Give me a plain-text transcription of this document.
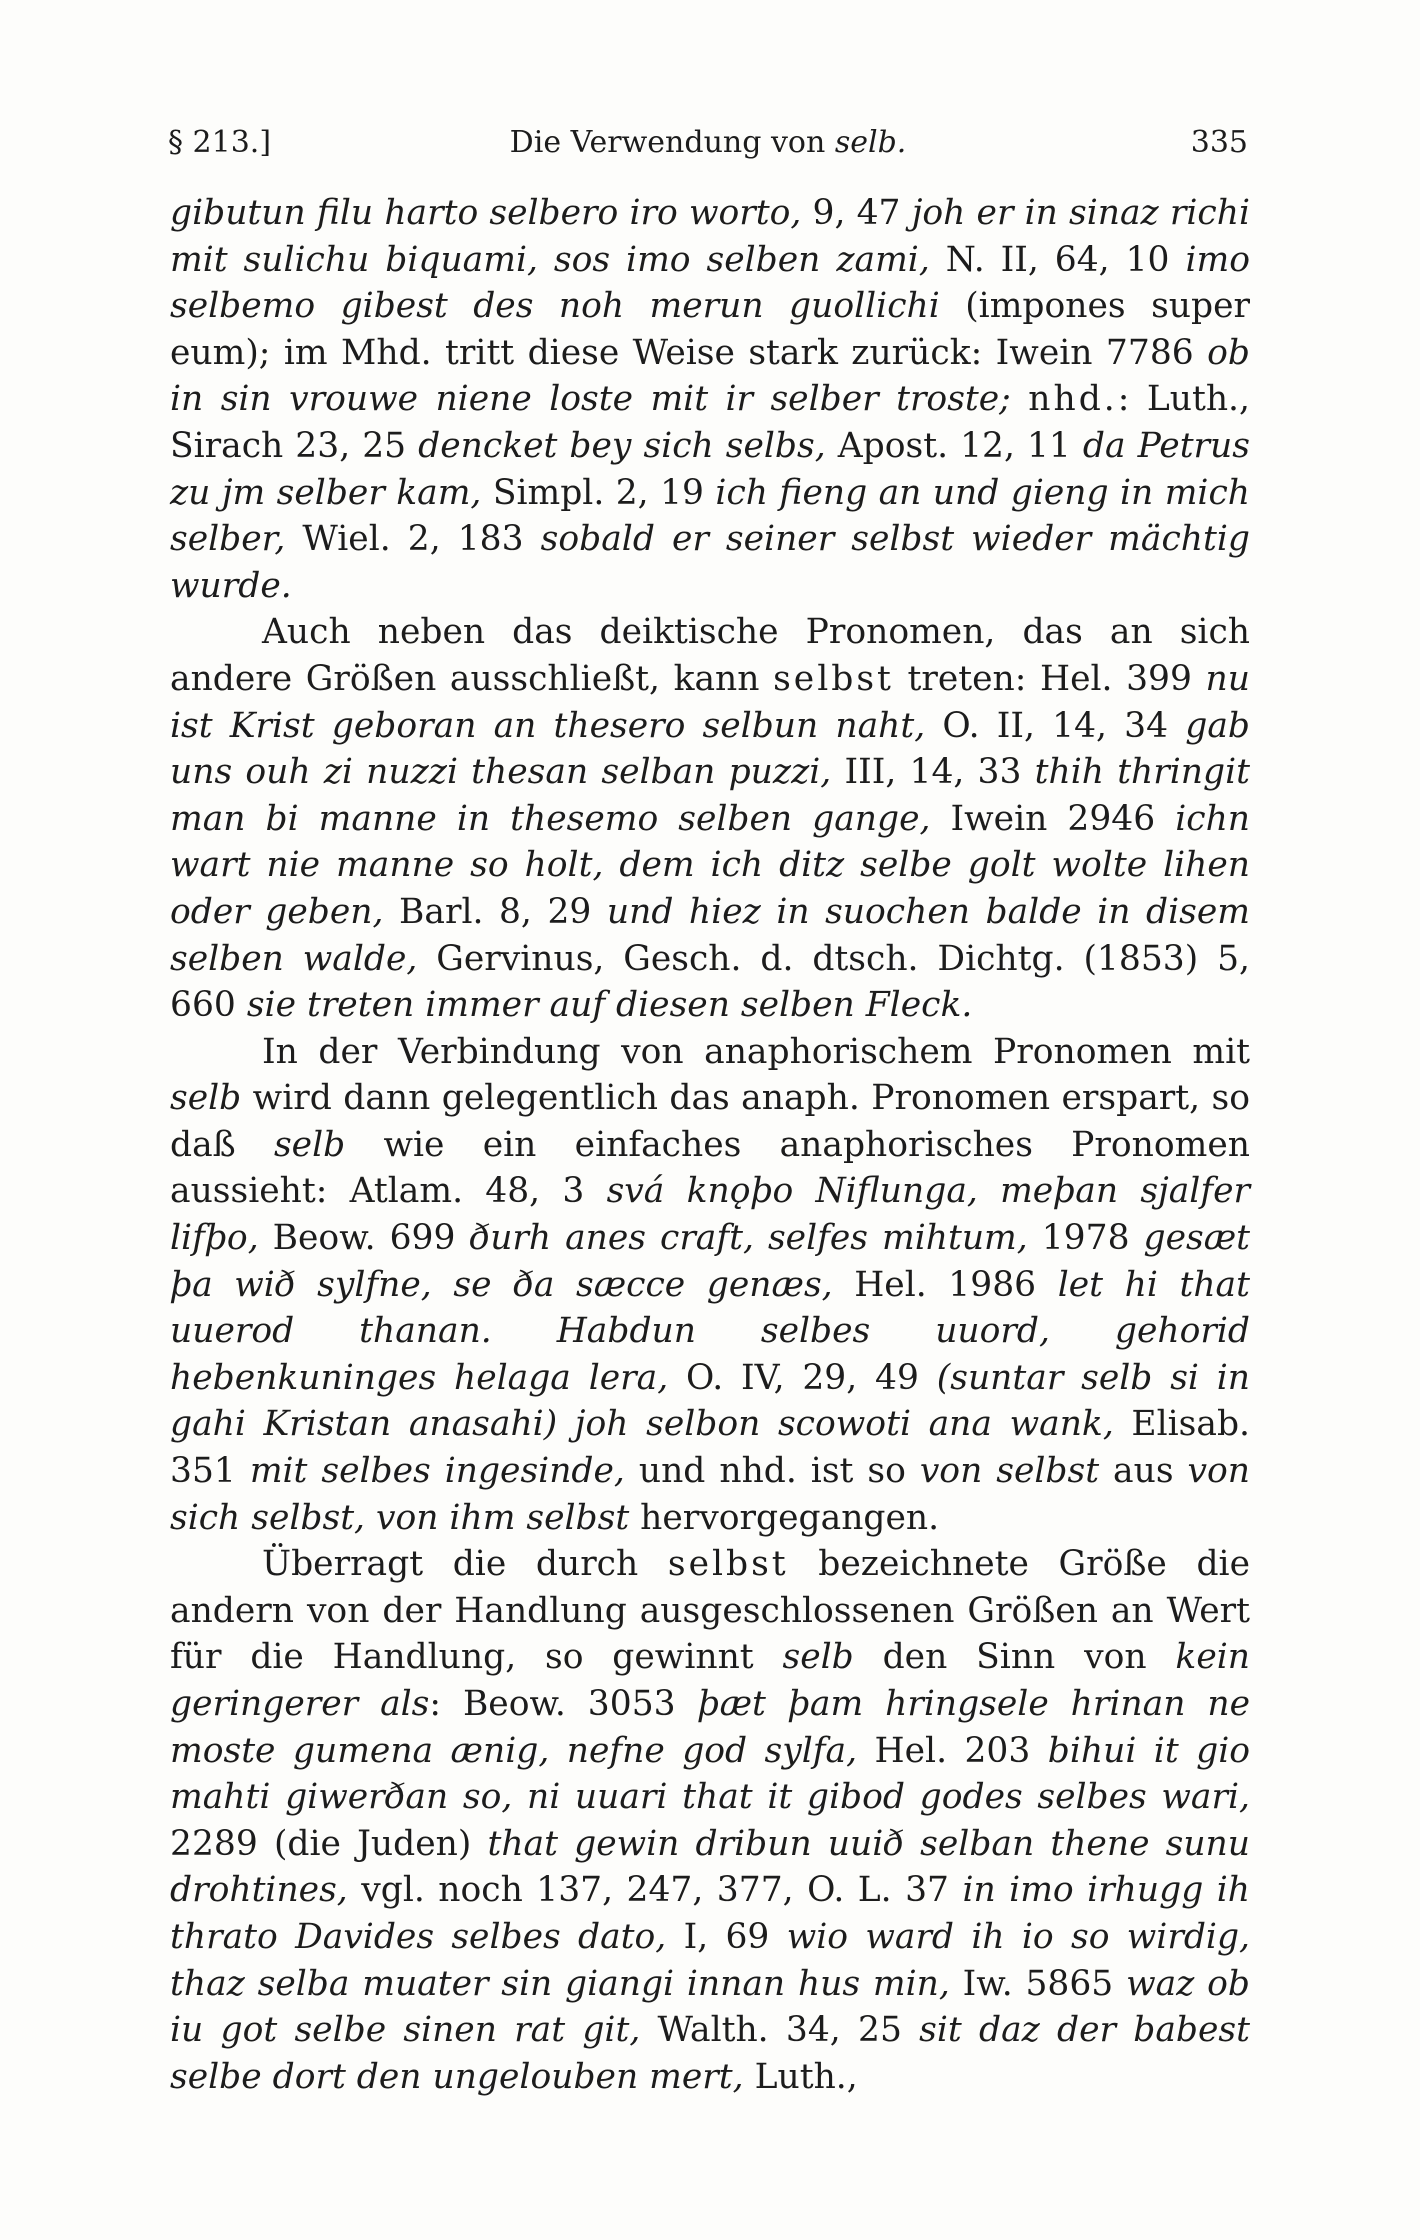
§ 213.]	Die Verwendung von selb.	335

gibutun filu harto selbero iro worto, 9, 47 joh er in sinaz richi mit sulichu biquami, sos imo selben zami, N. II, 64, 10 imo selbemo gibest des noh merun guollichi (impones super eum); im Mhd. tritt diese Weise stark zurück: Iwein 7786 ob in sin vrouwe niene loste mit ir selber troste; nhd.: Luth., Sirach 23, 25 dencket bey sich selbs, Apost. 12, 11 da Petrus zu jm selber kam, Simpl. 2, 19 ich fieng an und gieng in mich selber, Wiel. 2, 183 sobald er seiner selbst wieder mächtig wurde.

Auch neben das deiktische Pronomen, das an sich andere Größen ausschließt, kann selbst treten: Hel. 399 nu ist Krist geboran an thesero selbun naht, O. II, 14, 34 gab uns ouh zi nuzzi thesan selban puzzi, III, 14, 33 thih thringit man bi manne in thesemo selben gange, Iwein 2946 ichn wart nie manne so holt, dem ich ditz selbe golt wolte lihen oder geben, Barl. 8, 29 und hiez in suochen balde in disem selben walde, Gervinus, Gesch. d. dtsch. Dichtg. (1853) 5, 660 sie treten immer auf diesen selben Fleck.

In der Verbindung von anaphorischem Pronomen mit selb wird dann gelegentlich das anaph. Pronomen erspart, so daß selb wie ein einfaches anaphorisches Pronomen aussieht: Atlam. 48, 3 svá knǫþo Niflunga, meþan sjalfer lifþo, Beow. 699 ðurh anes craft, selfes mihtum, 1978 gesæt þa wið sylfne, se ða sæcce genæs, Hel. 1986 let hi that uuerod thanan. Habdun selbes uuord, gehorid hebenkuninges helaga lera, O. IV, 29, 49 (suntar selb si in gahi Kristan anasahi) joh selbon scowoti ana wank, Elisab. 351 mit selbes ingesinde, und nhd. ist so von selbst aus von sich selbst, von ihm selbst hervorgegangen.

Überragt die durch selbst bezeichnete Größe die andern von der Handlung ausgeschlossenen Größen an Wert für die Handlung, so gewinnt selb den Sinn von kein geringerer als: Beow. 3053 þæt þam hringsele hrinan ne moste gumena ænig, nefne god sylfa, Hel. 203 bihui it gio mahti giwerðan so, ni uuari that it gibod godes selbes wari, 2289 (die Juden) that gewin dribun uuið selban thene sunu drohtines, vgl. noch 137, 247, 377, O. L. 37 in imo irhugg ih thrato Davides selbes dato, I, 69 wio ward ih io so wirdig, thaz selba muater sin giangi innan hus min, Iw. 5865 waz ob iu got selbe sinen rat git, Walth. 34, 25 sit daz der babest selbe dort den ungelouben mert, Luth.,
